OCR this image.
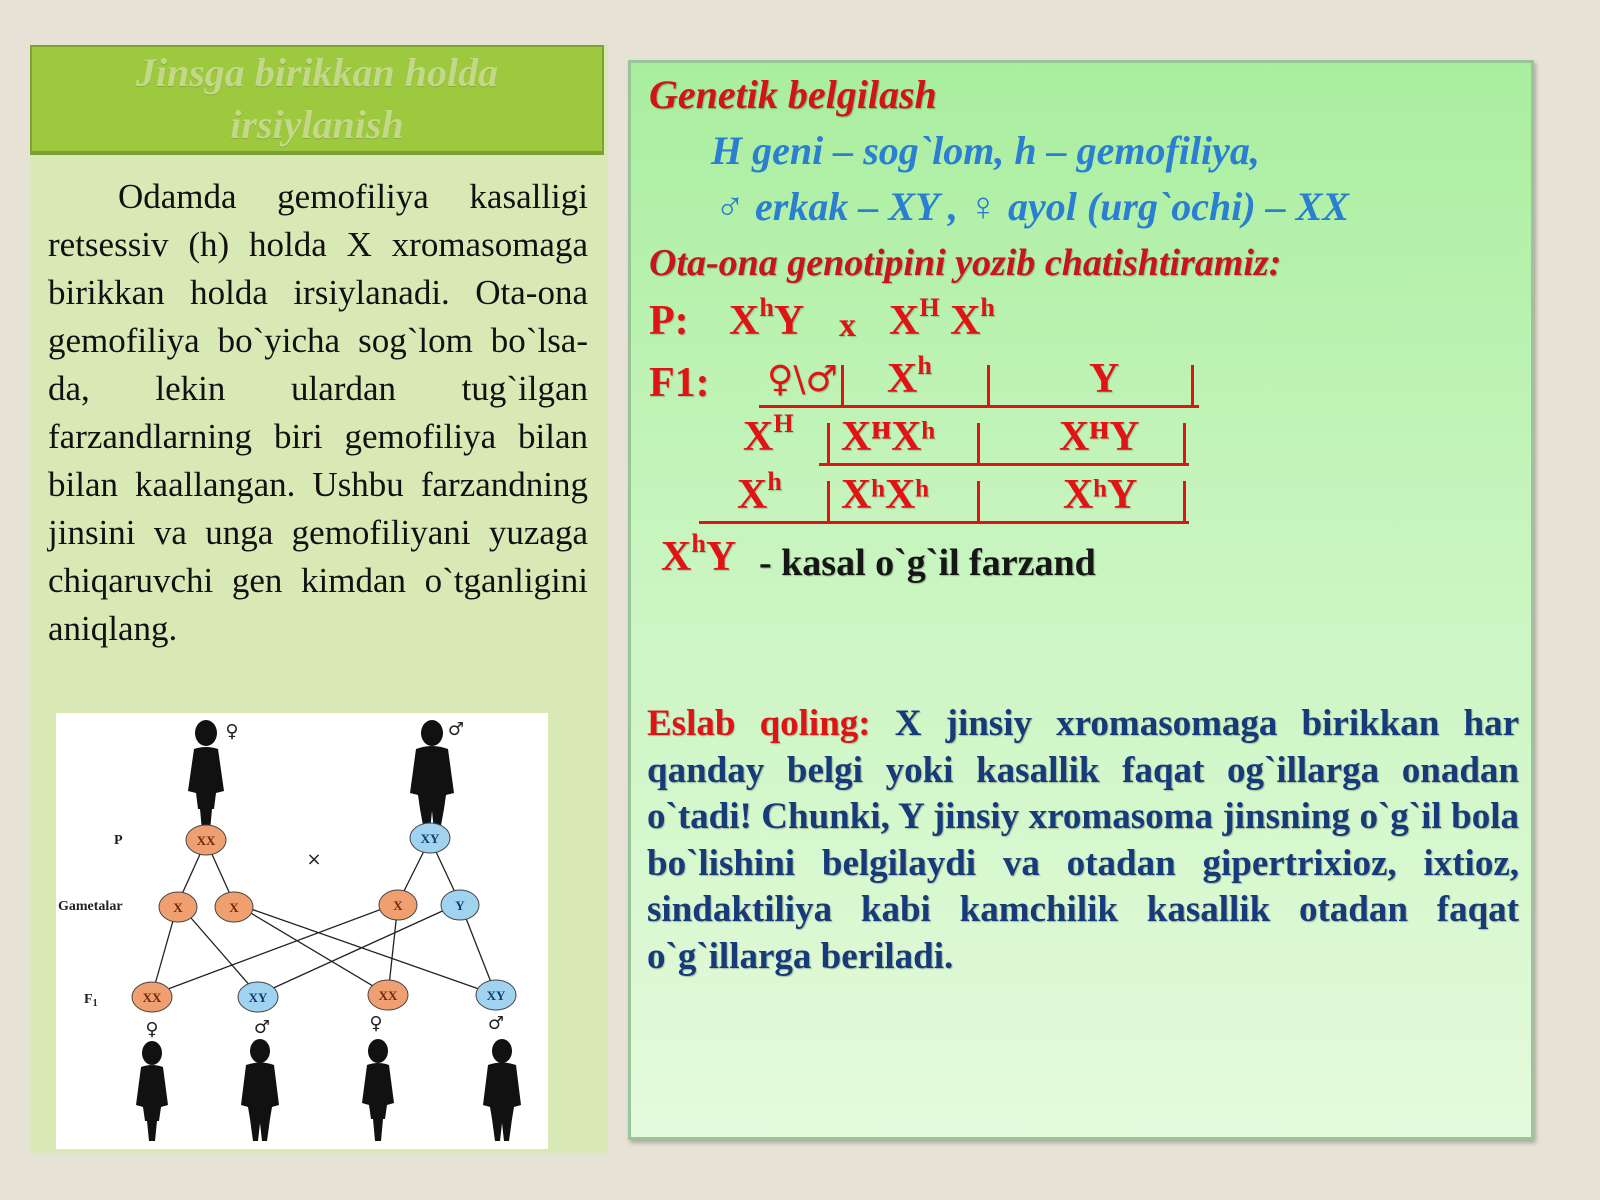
Jinsga birikkan holda irsiylanish

Odamda gemofiliya kasalligi retsessiv (h) holda X xromasomaga birikkan holda irsiylanadi. Ota-ona gemofiliya bo`yicha sog`lom bo`lsa-da, lekin ulardan tug`ilgan farzandlarning biri gemofiliya bilan bilan kaallangan. Ushbu farzandning jinsini va unga gemofiliyani yuzaga chiqaruvchi gen kimdan o`tganligini aniqlang.

♀	♂
P
Gametalar
$F_1$
×
XX	XY
X	X	X	Y
XX	XY	XX	XY
♀	♂	♀	♂

Genetik belgilash

H geni – sog`lom, h – gemofiliya,

♂ erkak – XY , ♀ ayol (urg`ochi) – XX

Ota-ona genotipini yozib chatishtiramiz:

P: $X^hY$ x $X^H$ $X^h$

F1: ♀\♂ $X^h$	Y

$X^H$ XᴴXʰ	XᴴY

$X^h$ XʰXʰ	XʰY

$X^hY$ - kasal o`g`il farzand

Eslab qoling: X jinsiy xromasomaga birikkan har qanday belgi yoki kasallik faqat og`illarga onadan o`tadi! Chunki, Y jinsiy xromasoma jinsning o`g`il bola bo`lishini belgilaydi va otadan gipertrixioz, ixtioz, sindaktiliya kabi kamchilik kasallik otadan faqat o`g`illarga beriladi.
